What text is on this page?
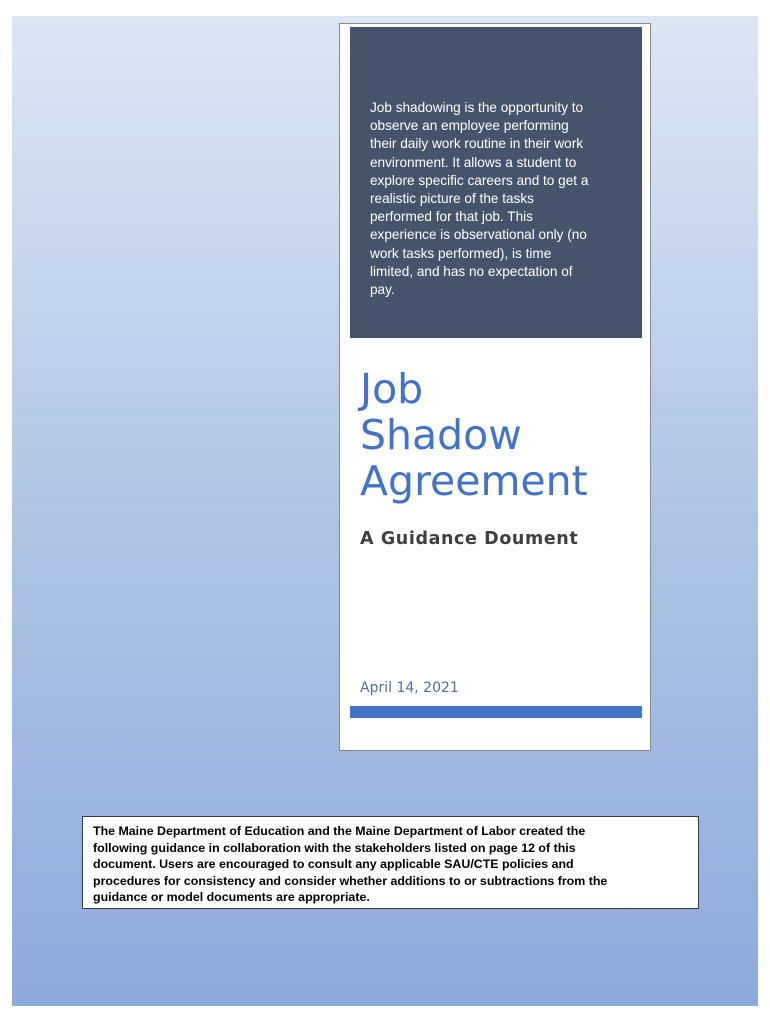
Job shadowing is the opportunity to
observe an employee performing
their daily work routine in their work
environment. It allows a student to
explore specific careers and to get a
realistic picture of the tasks
performed for that job. This
experience is observational only (no
work tasks performed), is time
limited, and has no expectation of
pay.

Job
Shadow
Agreement

A Guidance Doument

April 14, 2021

The Maine Department of Education and the Maine Department of Labor created the
following guidance in collaboration with the stakeholders listed on page 12 of this
document. Users are encouraged to consult any applicable SAU/CTE policies and
procedures for consistency and consider whether additions to or subtractions from the
guidance or model documents are appropriate.
